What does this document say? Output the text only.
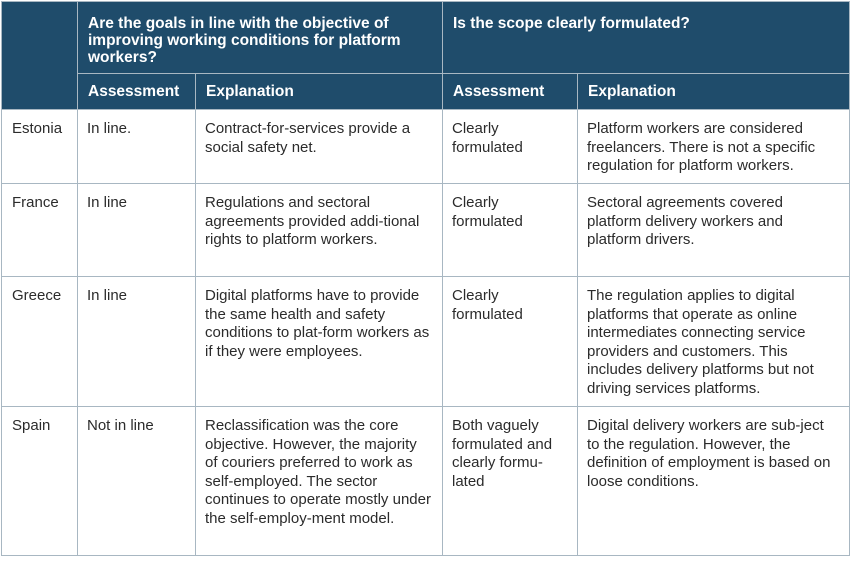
	Are the goals in line with the objective of improving working conditions for platform workers?		Is the scope clearly formulated?	
	Assessment	Explanation	Assessment	Explanation
Estonia	In line.	Contract-for-services provide a social safety net.	Clearly formulated	Platform workers are considered freelancers. There is not a specific regulation for platform workers.
France	In line	Regulations and sectoral agreements provided addi-tional rights to platform workers.	Clearly formulated	Sectoral agreements covered platform delivery workers and platform drivers.
Greece	In line	Digital platforms have to provide the same health and safety conditions to plat-form workers as if they were employees.	Clearly formulated	The regulation applies to digital platforms that operate as online intermediates connecting service providers and customers. This includes delivery platforms but not driving services platforms.
Spain	Not in line	Reclassification was the core objective. However, the majority of couriers preferred to work as self-employed. The sector continues to operate mostly under the self-employ-ment model.	Both vaguely formulated and clearly formu-lated	Digital delivery workers are sub-ject to the regulation. However, the definition of employment is based on loose conditions.
